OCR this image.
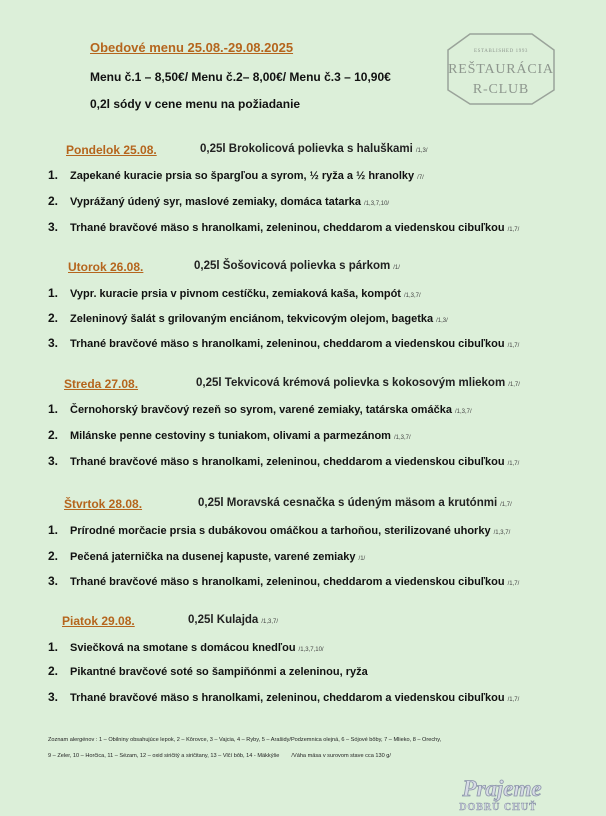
Obedové menu 25.08.-29.08.2025
Menu č.1 – 8,50€/ Menu č.2– 8,00€/ Menu č.3 – 10,90€
0,2l sódy v cene menu na požiadanie
ESTABLISHED 1993
REŠTAURÁCIA
R-CLUB
Pondelok 25.08.	0,25l Brokolicová polievka s haluškami /1,3/
1. Zapekané kuracie prsia so špargľou a syrom, ½ ryža a ½ hranolky /7/
2. Vyprážaný údený syr, maslové zemiaky, domáca tatarka /1,3,7,10/
3. Trhané bravčové mäso s hranolkami, zeleninou, cheddarom a viedenskou cibuľkou /1,7/
Utorok 26.08.	0,25l Šošovicová polievka s párkom /1/
1. Vypr. kuracie prsia v pivnom cestíčku, zemiaková kaša, kompót /1,3,7/
2. Zeleninový šalát s grilovaným enciánom, tekvicovým olejom, bagetka /1,3/
3. Trhané bravčové mäso s hranolkami, zeleninou, cheddarom a viedenskou cibuľkou /1,7/
Streda 27.08.	0,25l Tekvicová krémová polievka s kokosovým mliekom /1,7/
1. Černohorský bravčový rezeň so syrom, varené zemiaky, tatárska omáčka /1,3,7/
2. Milánske penne cestoviny s tuniakom, olivami a parmezánom /1,3,7/
3. Trhané bravčové mäso s hranolkami, zeleninou, cheddarom a viedenskou cibuľkou /1,7/
Štvrtok 28.08.	0,25l Moravská cesnačka s údeným mäsom a krutónmi /1,7/
1. Prírodné morčacie prsia s dubákovou omáčkou a tarhoňou, sterilizované uhorky /1,3,7/
2. Pečená jaternička na dusenej kapuste, varené zemiaky /1/
3. Trhané bravčové mäso s hranolkami, zeleninou, cheddarom a viedenskou cibuľkou /1,7/
Piatok 29.08.	0,25l Kulajda /1,3,7/
1. Sviečková na smotane s domácou knedľou /1,3,7,10/
2. Pikantné bravčové soté so šampiňónmi a zeleninou, ryža
3. Trhané bravčové mäso s hranolkami, zeleninou, cheddarom a viedenskou cibuľkou /1,7/
Zoznam alergénov : 1 – Obilniny obsahujúce lepok, 2 – Kôrovce, 3 – Vajcia, 4 – Ryby, 5 – Arašidy/Podzemnica olejná, 6 – Sójové bôby, 7 – Mlieko, 8 – Orechy,
9 – Zeler, 10 – Horčica, 11 – Sézam, 12 – oxid siričitý a siričitany, 13 – Vlčí bôb, 14 - Mäkkýše /Váha mäsa v surovom stave cca 130 g/
Prajeme
DOBRÚ CHUŤ
